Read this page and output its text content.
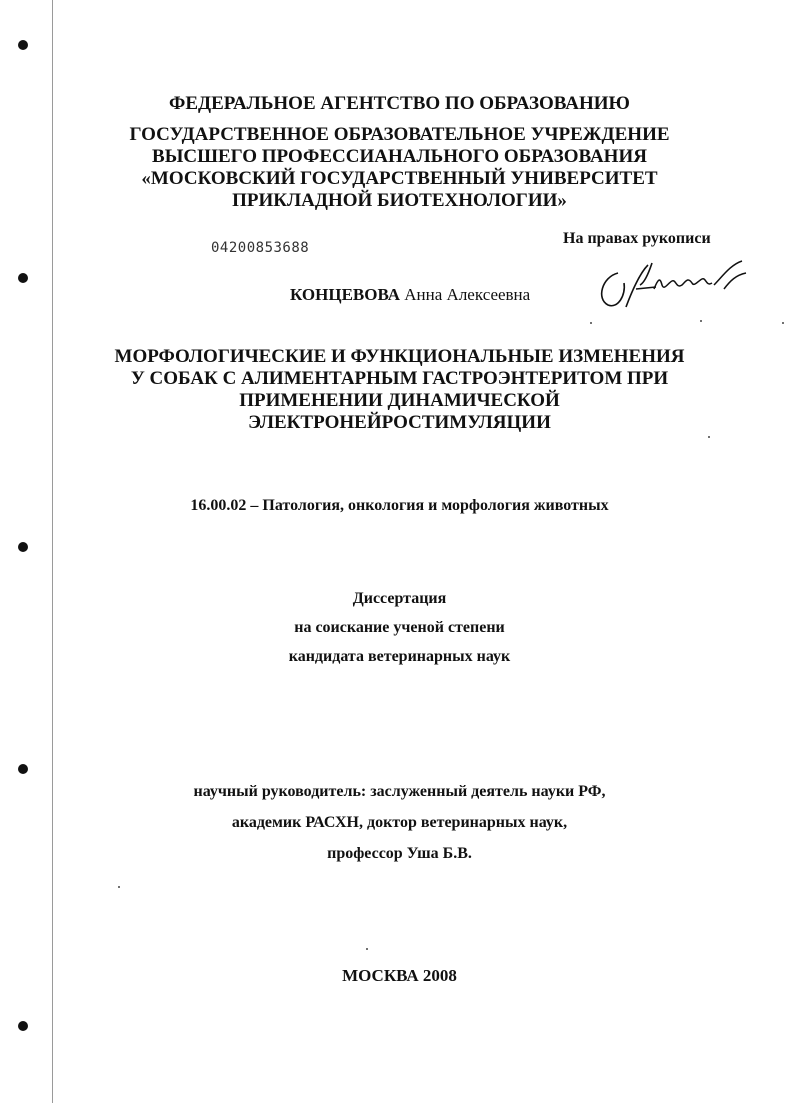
ФЕДЕРАЛЬНОЕ АГЕНТСТВО ПО ОБРАЗОВАНИЮ
ГОСУДАРСТВЕННОЕ ОБРАЗОВАТЕЛЬНОЕ УЧРЕЖДЕНИЕ
ВЫСШЕГО ПРОФЕССИАНАЛЬНОГО ОБРАЗОВАНИЯ
«МОСКОВСКИЙ ГОСУДАРСТВЕННЫЙ УНИВЕРСИТЕТ
ПРИКЛАДНОЙ БИОТЕХНОЛОГИИ»
04200853688
На правах рукописи
КОНЦЕВОВА Анна Алексеевна
МОРФОЛОГИЧЕСКИЕ И ФУНКЦИОНАЛЬНЫЕ ИЗМЕНЕНИЯ
У СОБАК С АЛИМЕНТАРНЫМ ГАСТРОЭНТЕРИТОМ ПРИ
ПРИМЕНЕНИИ ДИНАМИЧЕСКОЙ
ЭЛЕКТРОНЕЙРОСТИМУЛЯЦИИ
16.00.02 – Патология, онкология и морфология животных
Диссертация
на соискание ученой степени
кандидата ветеринарных наук
научный руководитель: заслуженный деятель науки РФ,
академик РАСХН, доктор ветеринарных наук,
профессор Уша Б.В.
МОСКВА 2008
